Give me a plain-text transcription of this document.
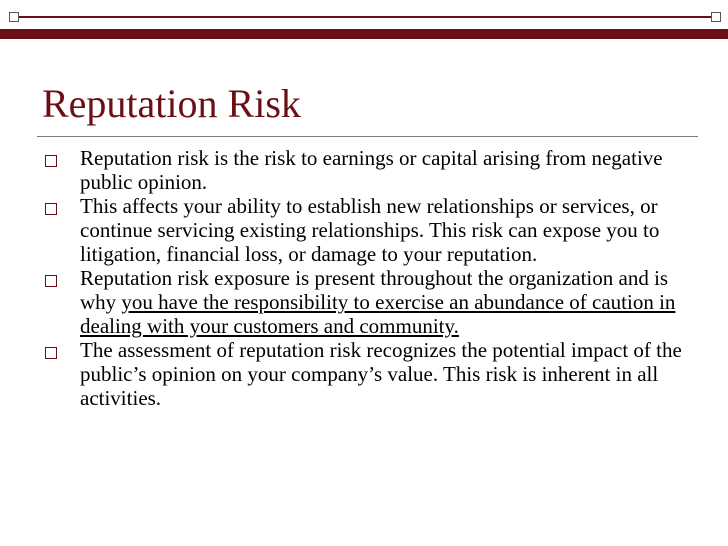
Reputation Risk
Reputation risk is the risk to earnings or capital arising from negative public opinion.
This affects your ability to establish new relationships or services, or continue servicing existing relationships. This risk can expose you to litigation, financial loss, or damage to your reputation.
Reputation risk exposure is present throughout the organization and is why you have the responsibility to exercise an abundance of caution in dealing with your customers and community.
The assessment of reputation risk recognizes the potential impact of the public’s opinion on your company’s value. This risk is inherent in all activities.
